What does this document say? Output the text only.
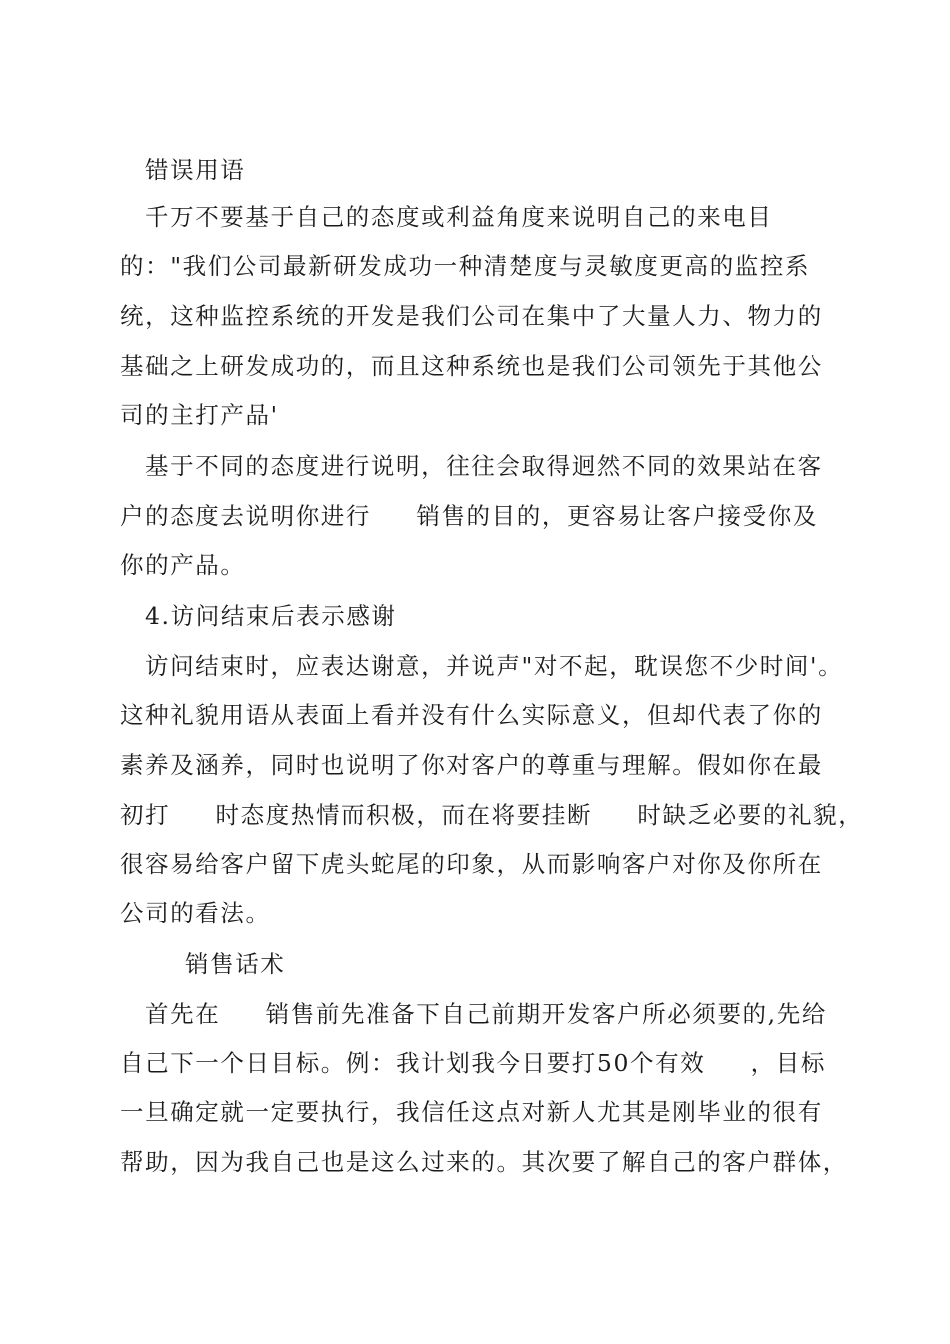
错误用语
千万不要基于自己的态度或利益角度来说明自己的来电目
的："我们公司最新研发成功一种清楚度与灵敏度更高的监控系
统，这种监控系统的开发是我们公司在集中了大量人力、物力的
基础之上研发成功的，而且这种系统也是我们公司领先于其他公
司的主打产品'
基于不同的态度进行说明，往往会取得迥然不同的效果站在客
户的态度去说明你进行     销售的目的，更容易让客户接受你及
你的产品。
4.访问结束后表示感谢
访问结束时，应表达谢意，并说声"对不起，耽误您不少时间'。
这种礼貌用语从表面上看并没有什么实际意义，但却代表了你的
素养及涵养，同时也说明了你对客户的尊重与理解。假如你在最
初打     时态度热情而积极，而在将要挂断     时缺乏必要的礼貌，
很容易给客户留下虎头蛇尾的印象，从而影响客户对你及你所在
公司的看法。
销售话术
首先在     销售前先准备下自己前期开发客户所必须要的,先给
自己下一个日目标。例：我计划我今日要打50个有效     ，目标
一旦确定就一定要执行，我信任这点对新人尤其是刚毕业的很有
帮助，因为我自己也是这么过来的。其次要了解自己的客户群体，
